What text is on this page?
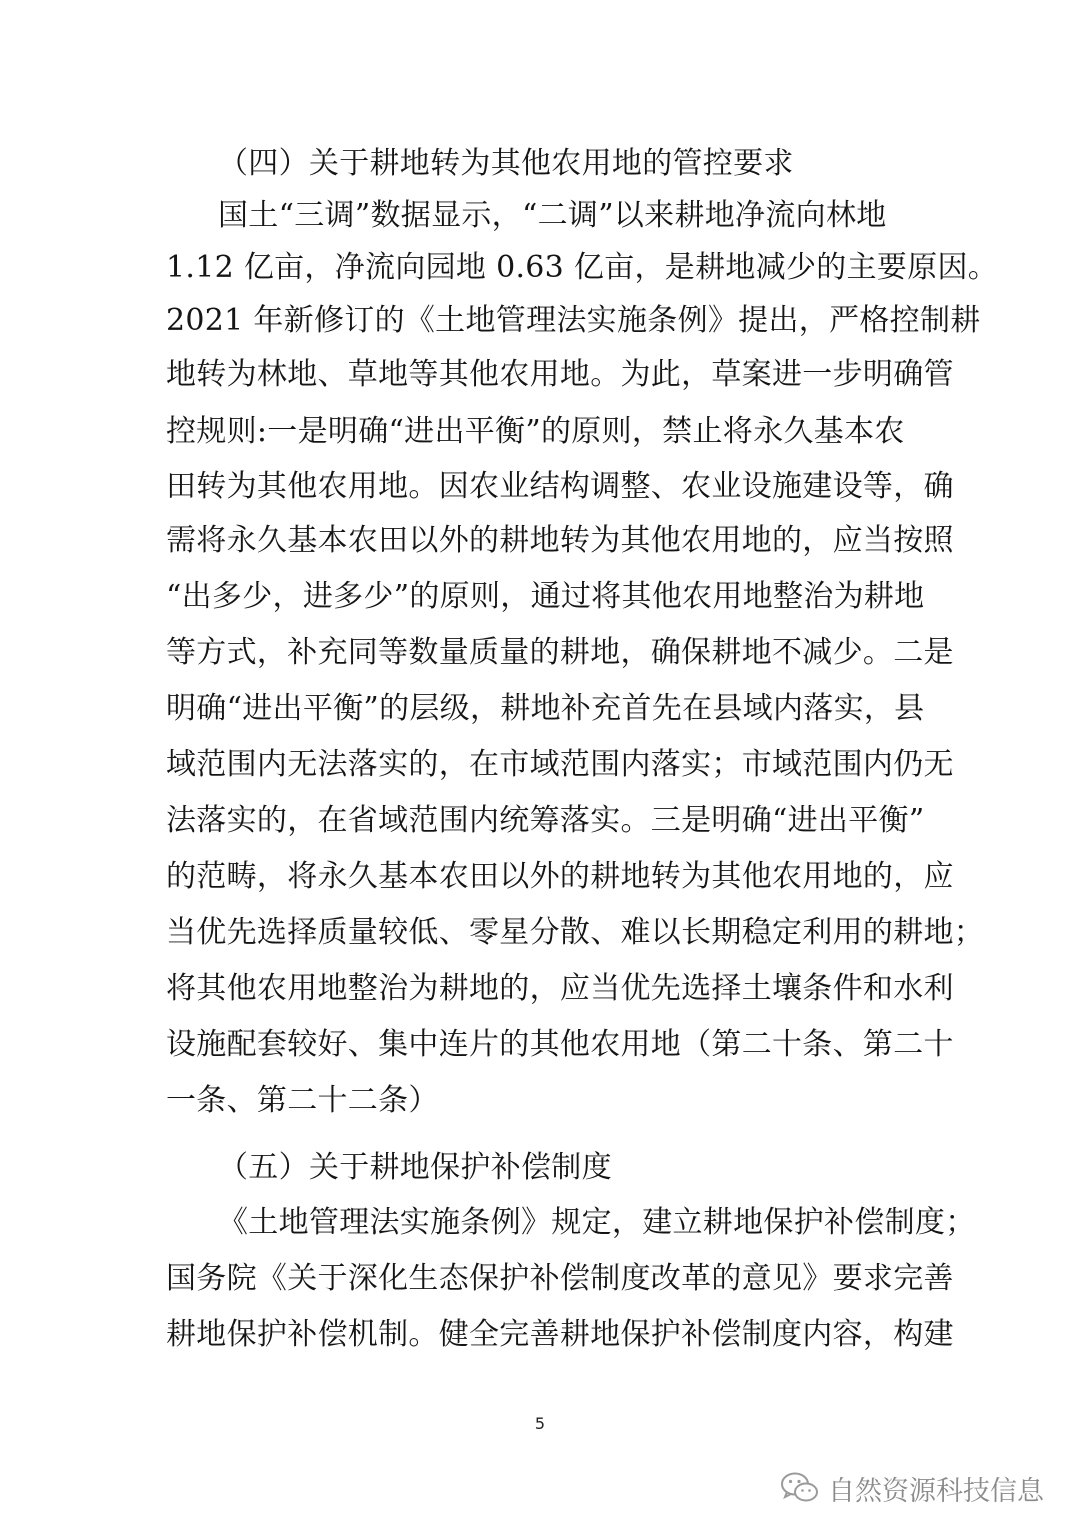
（四）关于耕地转为其他农用地的管控要求
国土“三调”数据显示，“二调”以来耕地净流向林地
1.12 亿亩，净流向园地 0.63 亿亩，是耕地减少的主要原因。
2021 年新修订的《土地管理法实施条例》提出，严格控制耕
地转为林地、草地等其他农用地。为此，草案进一步明确管
控规则:一是明确“进出平衡”的原则，禁止将永久基本农
田转为其他农用地。因农业结构调整、农业设施建设等，确
需将永久基本农田以外的耕地转为其他农用地的，应当按照
“出多少，进多少”的原则，通过将其他农用地整治为耕地
等方式，补充同等数量质量的耕地，确保耕地不减少。二是
明确“进出平衡”的层级，耕地补充首先在县域内落实，县
域范围内无法落实的，在市域范围内落实；市域范围内仍无
法落实的，在省域范围内统筹落实。三是明确“进出平衡”
的范畴，将永久基本农田以外的耕地转为其他农用地的，应
当优先选择质量较低、零星分散、难以长期稳定利用的耕地；
将其他农用地整治为耕地的，应当优先选择土壤条件和水利
设施配套较好、集中连片的其他农用地（第二十条、第二十
一条、第二十二条）
（五）关于耕地保护补偿制度
《土地管理法实施条例》规定，建立耕地保护补偿制度；
国务院《关于深化生态保护补偿制度改革的意见》要求完善
耕地保护补偿机制。健全完善耕地保护补偿制度内容，构建
5
自然资源科技信息
